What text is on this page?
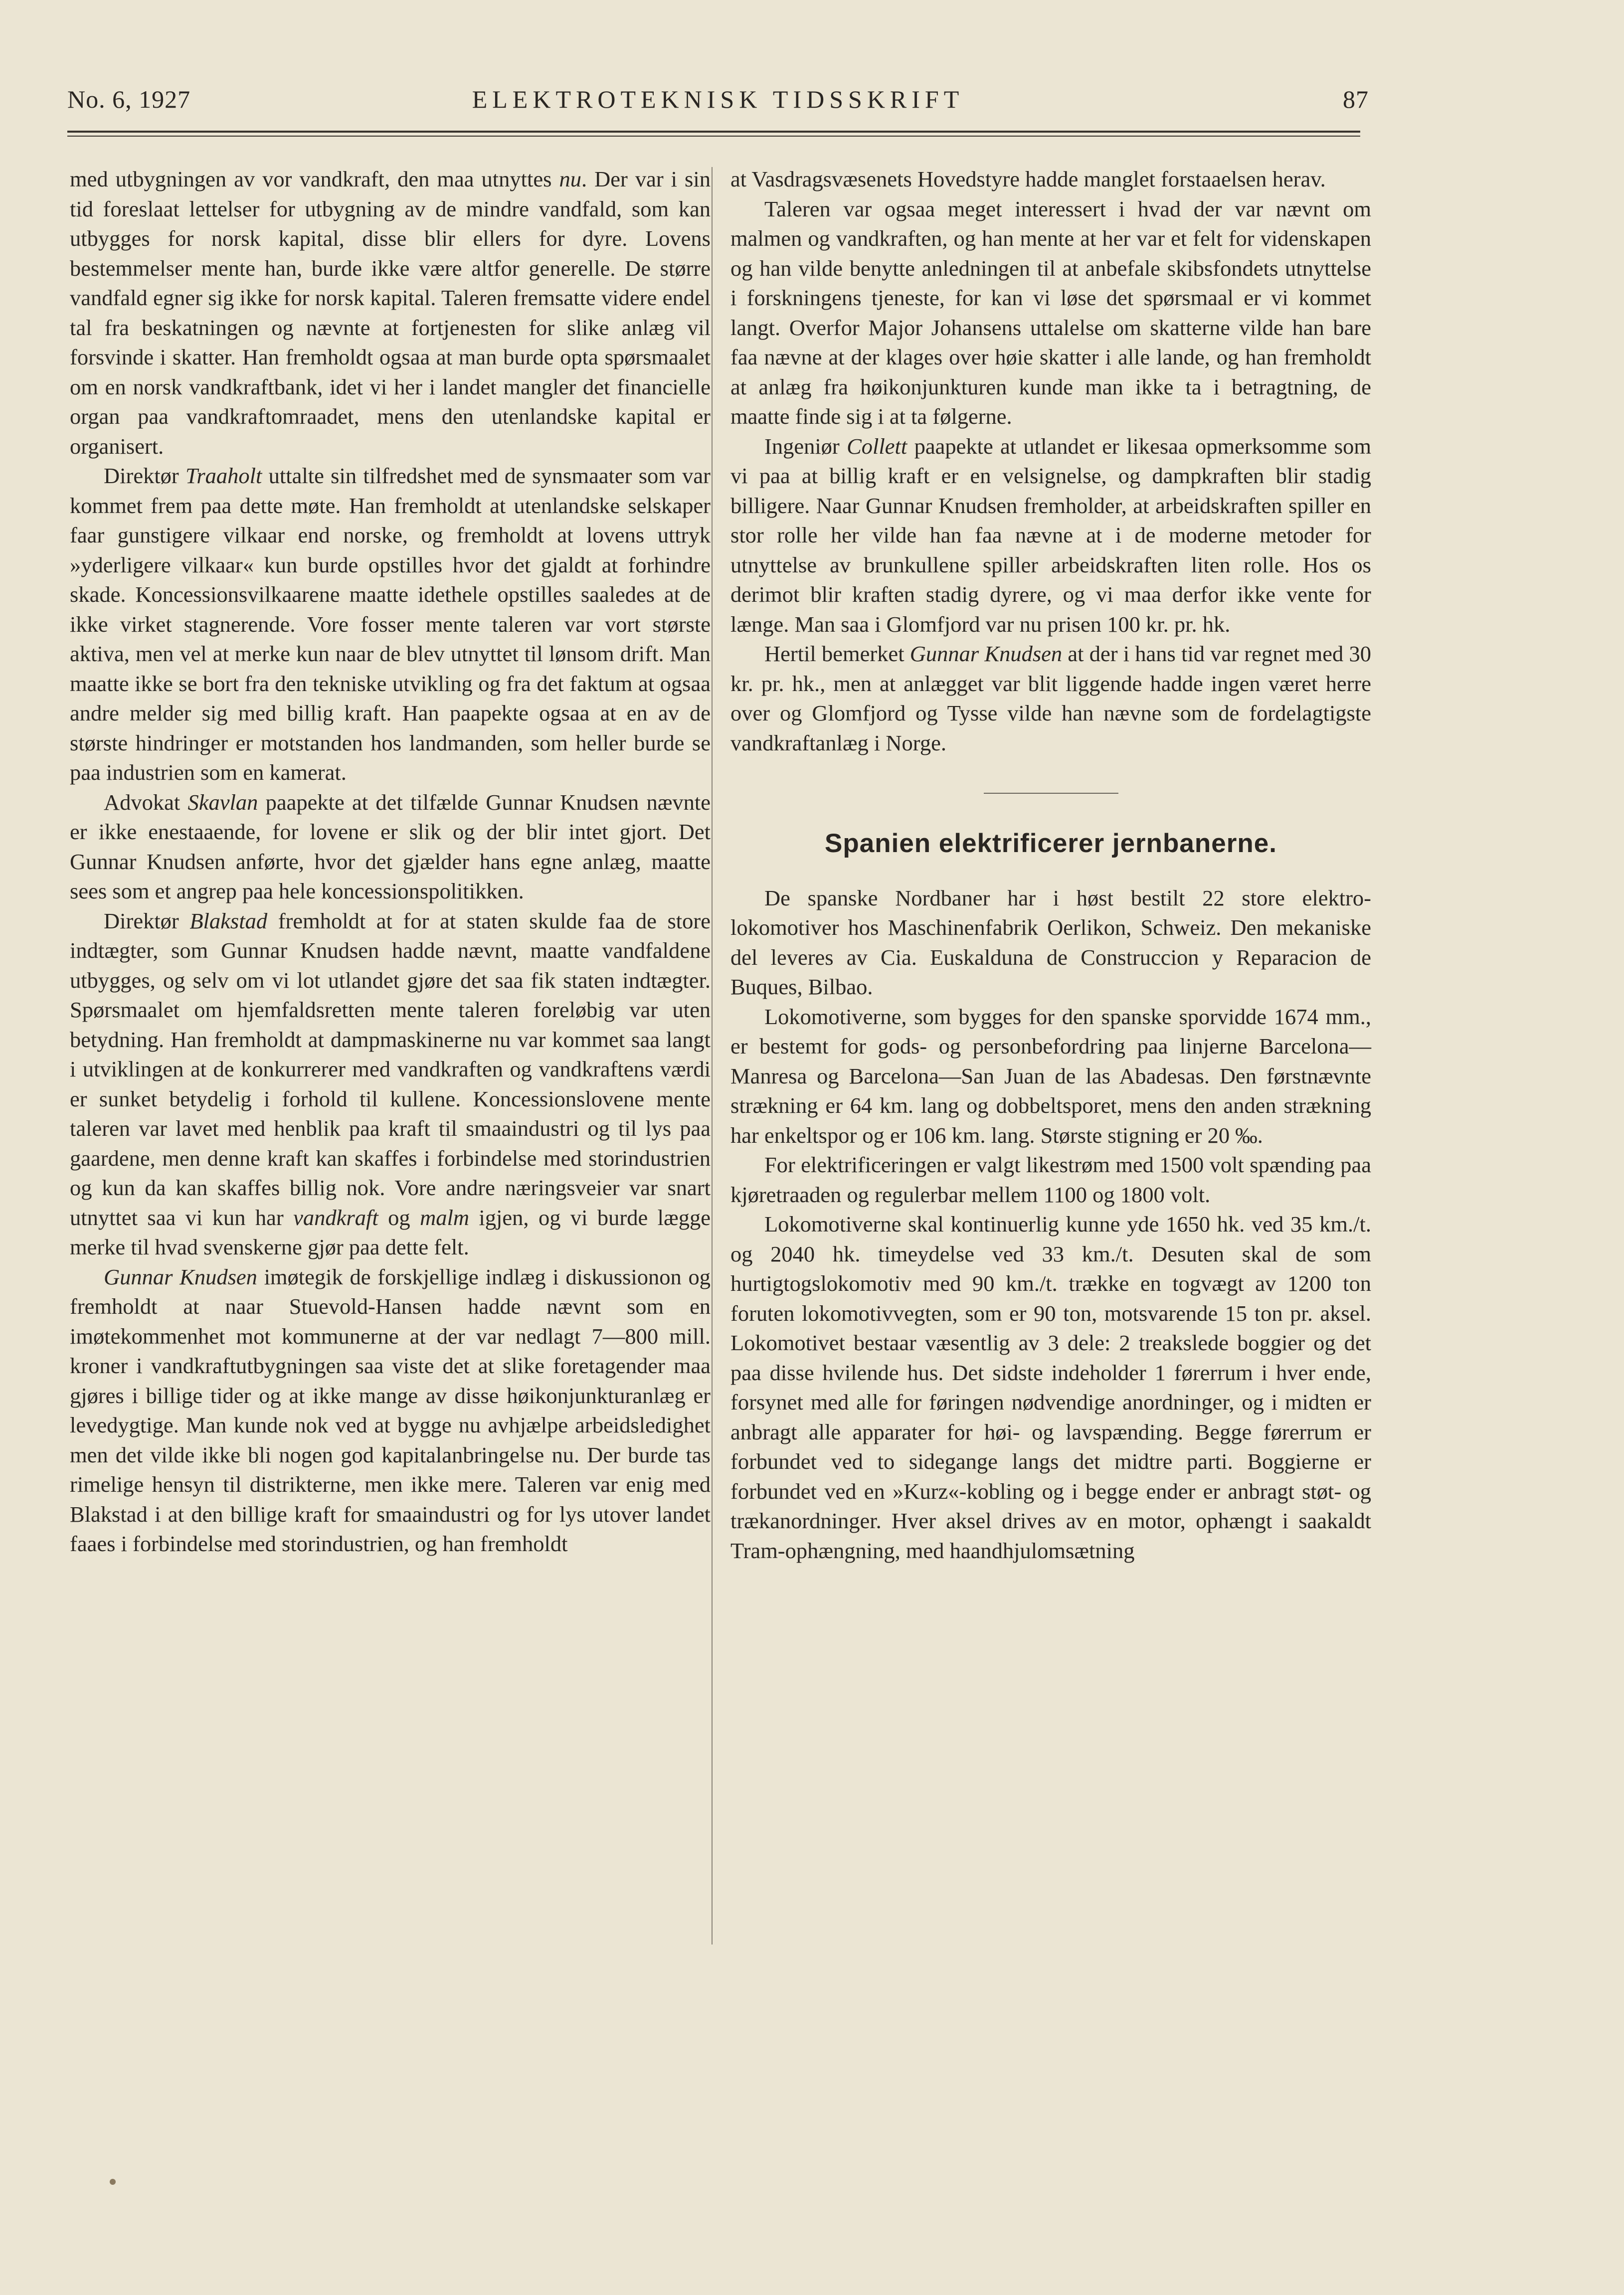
No. 6, 1927	ELEKTROTEKNISK TIDSSKRIFT	87

med utbygningen av vor vandkraft, den maa utnyttes nu. Der var i sin tid foreslaat lettelser for utbygning av de mindre vandfald, som kan utbygges for norsk kapital, disse blir ellers for dyre. Lovens bestemmelser mente han, burde ikke være altfor generelle. De større vandfald egner sig ikke for norsk kapital. Taleren fremsatte videre endel tal fra beskatningen og nævnte at fortjenesten for slike anlæg vil forsvinde i skatter. Han fremholdt ogsaa at man burde opta spørsmaalet om en norsk vandkraftbank, idet vi her i landet mangler det financielle organ paa vandkraftomraadet, mens den utenlandske kapital er organisert.

Direktør Traaholt uttalte sin tilfredshet med de synsmaater som var kommet frem paa dette møte. Han fremholdt at utenlandske selskaper faar gunstigere vilkaar end norske, og fremholdt at lovens uttryk »yderligere vilkaar« kun burde opstilles hvor det gjaldt at forhindre skade. Koncessionsvilkaarene maatte idethele opstilles saaledes at de ikke virket stagnerende. Vore fosser mente taleren var vort største aktiva, men vel at merke kun naar de blev utnyttet til lønsom drift. Man maatte ikke se bort fra den tekniske utvikling og fra det faktum at ogsaa andre melder sig med billig kraft. Han paapekte ogsaa at en av de største hindringer er motstanden hos landmanden, som heller burde se paa industrien som en kamerat.

Advokat Skavlan paapekte at det tilfælde Gunnar Knudsen nævnte er ikke enestaaende, for lovene er slik og der blir intet gjort. Det Gunnar Knudsen anførte, hvor det gjælder hans egne anlæg, maatte sees som et angrep paa hele koncessionspolitikken.

Direktør Blakstad fremholdt at for at staten skulde faa de store indtægter, som Gunnar Knudsen hadde nævnt, maatte vandfaldene utbygges, og selv om vi lot utlandet gjøre det saa fik staten indtægter. Spørsmaalet om hjemfaldsretten mente taleren foreløbig var uten betydning. Han fremholdt at dampmaskinerne nu var kommet saa langt i utviklingen at de konkurrerer med vandkraften og vandkraftens værdi er sunket betydelig i forhold til kullene. Koncessionslovene mente taleren var lavet med henblik paa kraft til smaaindustri og til lys paa gaardene, men denne kraft kan skaffes i forbindelse med storindustrien og kun da kan skaffes billig nok. Vore andre næringsveier var snart utnyttet saa vi kun har vandkraft og malm igjen, og vi burde lægge merke til hvad svenskerne gjør paa dette felt.

Gunnar Knudsen imøtegik de forskjellige indlæg i diskussionon og fremholdt at naar Stuevold-Hansen hadde nævnt som en imøtekommenhet mot kommunerne at der var nedlagt 7—800 mill. kroner i vandkraftutbygningen saa viste det at slike foretagender maa gjøres i billige tider og at ikke mange av disse høikonjunkturanlæg er levedygtige. Man kunde nok ved at bygge nu avhjælpe arbeidsledighet men det vilde ikke bli nogen god kapitalanbringelse nu. Der burde tas rimelige hensyn til distrikterne, men ikke mere. Taleren var enig med Blakstad i at den billige kraft for smaaindustri og for lys utover landet faaes i forbindelse med storindustrien, og han fremholdt

at Vasdragsvæsenets Hovedstyre hadde manglet forstaaelsen herav.

Taleren var ogsaa meget interessert i hvad der var nævnt om malmen og vandkraften, og han mente at her var et felt for videnskapen og han vilde benytte anledningen til at anbefale skibsfondets utnyttelse i forskningens tjeneste, for kan vi løse det spørsmaal er vi kommet langt. Overfor Major Johansens uttalelse om skatterne vilde han bare faa nævne at der klages over høie skatter i alle lande, og han fremholdt at anlæg fra høikonjunkturen kunde man ikke ta i betragtning, de maatte finde sig i at ta følgerne.

Ingeniør Collett paapekte at utlandet er likesaa opmerksomme som vi paa at billig kraft er en velsignelse, og dampkraften blir stadig billigere. Naar Gunnar Knudsen fremholder, at arbeidskraften spiller en stor rolle her vilde han faa nævne at i de moderne metoder for utnyttelse av brunkullene spiller arbeidskraften liten rolle. Hos os derimot blir kraften stadig dyrere, og vi maa derfor ikke vente for længe. Man saa i Glomfjord var nu prisen 100 kr. pr. hk.

Hertil bemerket Gunnar Knudsen at der i hans tid var regnet med 30 kr. pr. hk., men at anlægget var blit liggende hadde ingen været herre over og Glomfjord og Tysse vilde han nævne som de fordelagtigste vandkraftanlæg i Norge.

Spanien elektrificerer jernbanerne.

De spanske Nordbaner har i høst bestilt 22 store elektro-lokomotiver hos Maschinenfabrik Oerlikon, Schweiz. Den mekaniske del leveres av Cia. Euskalduna de Construccion y Reparacion de Buques, Bilbao.

Lokomotiverne, som bygges for den spanske sporvidde 1674 mm., er bestemt for gods- og personbefordring paa linjerne Barcelona—Manresa og Barcelona—San Juan de las Abadesas. Den førstnævnte strækning er 64 km. lang og dobbeltsporet, mens den anden strækning har enkeltspor og er 106 km. lang. Største stigning er 20 ‰.

For elektrificeringen er valgt likestrøm med 1500 volt spænding paa kjøretraaden og regulerbar mellem 1100 og 1800 volt.

Lokomotiverne skal kontinuerlig kunne yde 1650 hk. ved 35 km./t. og 2040 hk. timeydelse ved 33 km./t. Desuten skal de som hurtigtogslokomotiv med 90 km./t. trække en togvægt av 1200 ton foruten lokomotivvegten, som er 90 ton, motsvarende 15 ton pr. aksel. Lokomotivet bestaar væsentlig av 3 dele: 2 treakslede boggier og det paa disse hvilende hus. Det sidste indeholder 1 førerrum i hver ende, forsynet med alle for føringen nødvendige anordninger, og i midten er anbragt alle apparater for høi- og lavspænding. Begge førerrum er forbundet ved to sidegange langs det midtre parti. Boggierne er forbundet ved en »Kurz«-kobling og i begge ender er anbragt støt- og trækanordninger. Hver aksel drives av en motor, ophængt i saakaldt Tram-ophængning, med haandhjulomsætning
